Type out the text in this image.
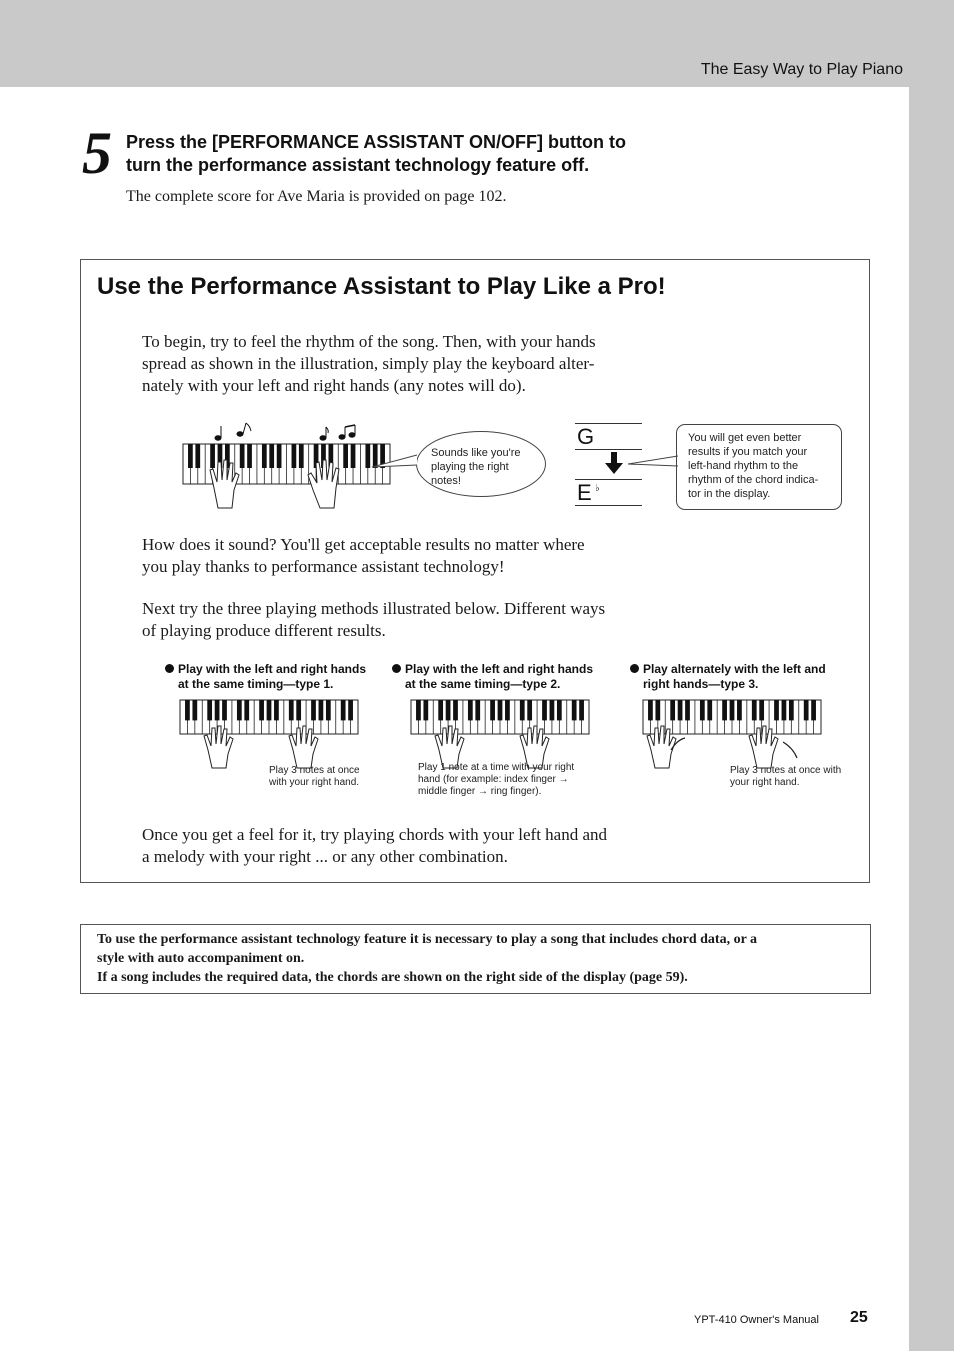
The Easy Way to Play Piano
5 Press the [PERFORMANCE ASSISTANT ON/OFF] button to
turn the performance assistant technology feature off.
The complete score for Ave Maria is provided on page 102.
Use the Performance Assistant to Play Like a Pro!
To begin, try to feel the rhythm of the song. Then, with your hands
spread as shown in the illustration, simply play the keyboard alter-
nately with your left and right hands (any notes will do).
Sounds like you're
playing the right
notes!
G
E ♭
You will get even better
results if you match your
left-hand rhythm to the
rhythm of the chord indica-
tor in the display.
How does it sound? You'll get acceptable results no matter where
you play thanks to performance assistant technology!
Next try the three playing methods illustrated below. Different ways
of playing produce different results.
Play with the left and right hands
at the same timing—type 1.
Play with the left and right hands
at the same timing—type 2.
Play alternately with the left and
right hands—type 3.
Play 3 notes at once
with your right hand.
Play 1 note at a time with your right
hand (for example: index finger →
middle finger → ring finger).
Play 3 notes at once with
your right hand.
Once you get a feel for it, try playing chords with your left hand and
a melody with your right ... or any other combination.
To use the performance assistant technology feature it is necessary to play a song that includes chord data, or a
style with auto accompaniment on.
If a song includes the required data, the chords are shown on the right side of the display (page 59).
YPT-410 Owner's Manual 25
